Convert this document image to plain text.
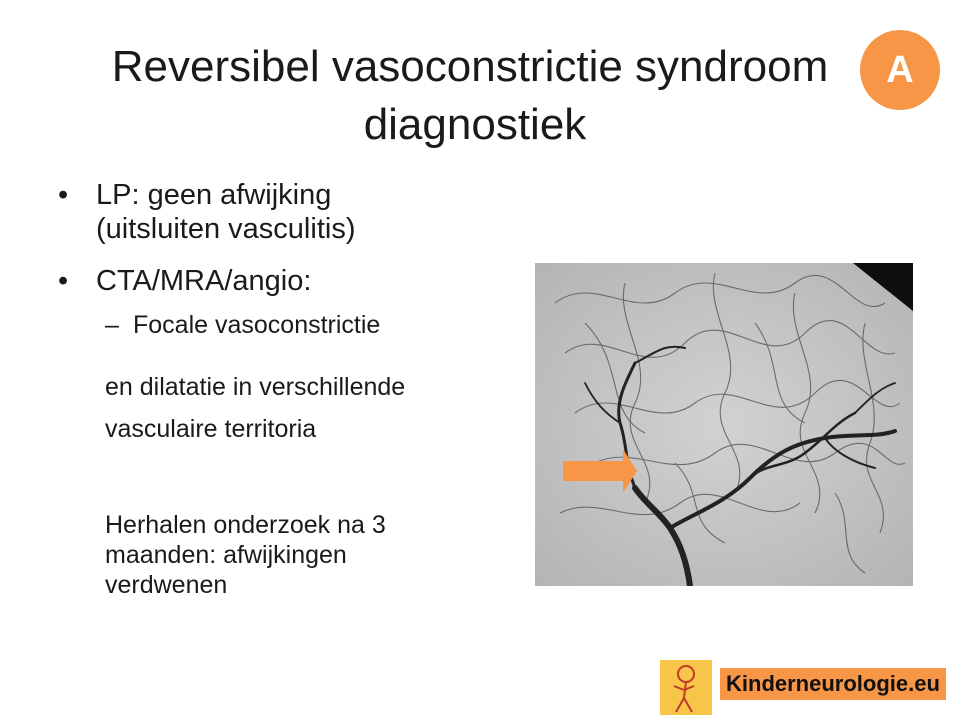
Reversibel vasoconstrictie syndroom
diagnostiek
A
• LP: geen afwijking
(uitsluiten vasculitis)
• CTA/MRA/angio:
– Focale vasoconstrictie
en dilatatie in verschillende
vasculaire territoria
Herhalen onderzoek na 3
maanden: afwijkingen
verdwenen
Kinderneurologie.eu
